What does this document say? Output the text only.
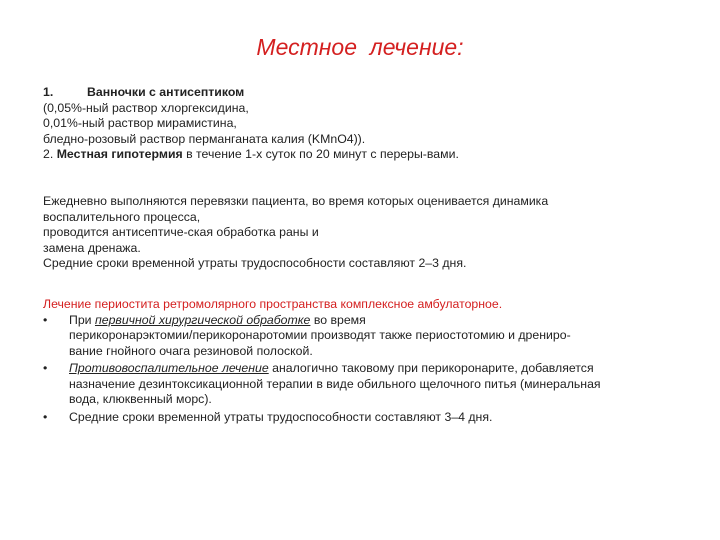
Местное  лечение:
1.	Ванночки с антисептиком
(0,05%-ный раствор хлоргексидина,
0,01%-ный раствор мирамистина,
бледно-розовый раствор перманганата калия (KMnO4)).
2. Местная гипотермия в течение 1-х суток по 20 минут с переры-вами.
Ежедневно выполняются перевязки пациента, во время которых оценивается динамика
воспалительного процесса,
проводится антисептиче-ская обработка раны и
замена дренажа.
Средние сроки временной утраты трудоспособности составляют 2–3 дня.
Лечение периостита ретромолярного пространства комплексное амбулаторное.
• При первичной хирургической обработке во время
перикоронарэктомии/перикоронаротомии производят также периостотомию и дрениро-
вание гнойного очага резиновой полоской.
• Противовоспалительное лечение аналогично таковому при перикоронарите, добавляется
назначение дезинтоксикационной терапии в виде обильного щелочного питья (минеральная
вода, клюквенный морс).
• Средние сроки временной утраты трудоспособности составляют 3–4 дня.
